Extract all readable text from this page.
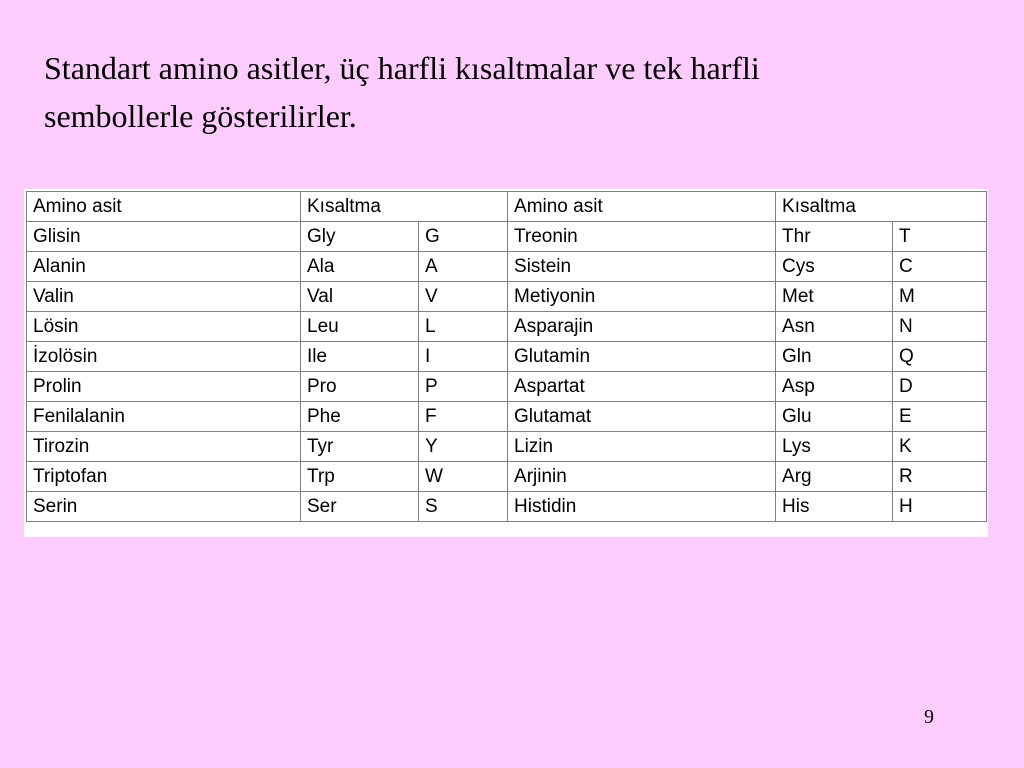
Standart amino asitler, üç harfli kısaltmalar ve tek harfli
sembollerle gösterilirler.
Amino asit	Kısaltma		Amino asit	Kısaltma	
Glisin	Gly	G	Treonin	Thr	T
Alanin	Ala	A	Sistein	Cys	C
Valin	Val	V	Metiyonin	Met	M
Lösin	Leu	L	Asparajin	Asn	N
İzolösin	Ile	I	Glutamin	Gln	Q
Prolin	Pro	P	Aspartat	Asp	D
Fenilalanin	Phe	F	Glutamat	Glu	E
Tirozin	Tyr	Y	Lizin	Lys	K
Triptofan	Trp	W	Arjinin	Arg	R
Serin	Ser	S	Histidin	His	H
9
